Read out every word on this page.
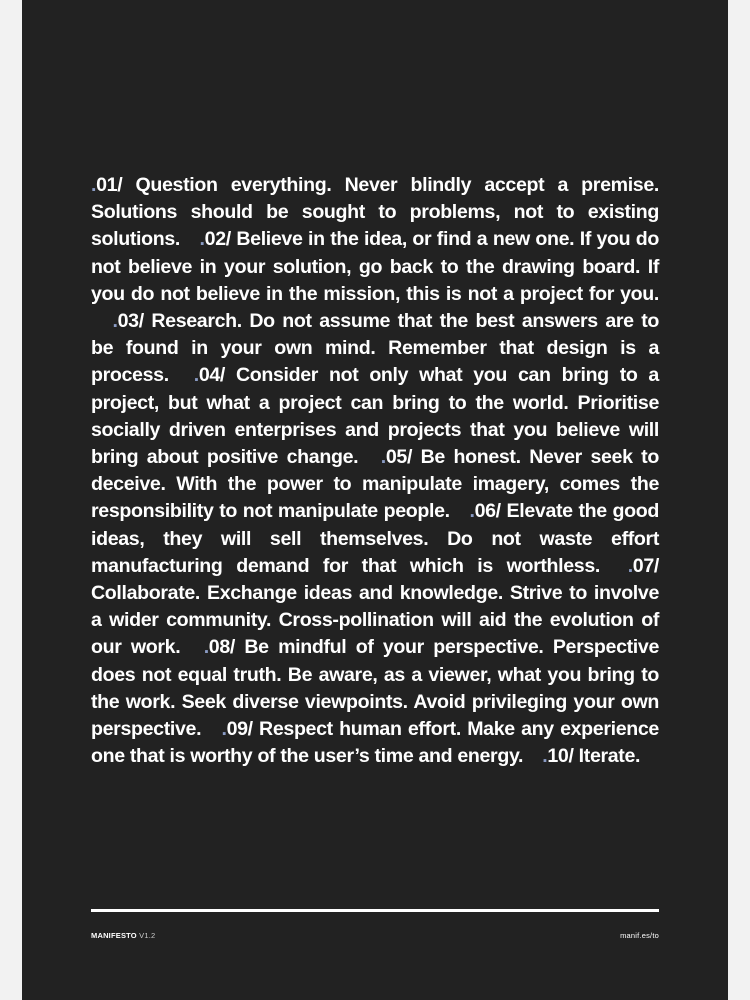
.01/ Question everything. Never blindly accept a premise. Solutions should be sought to problems, not to existing solutions. .02/ Believe in the idea, or find a new one. If you do not believe in your solution, go back to the drawing board. If you do not believe in the mission, this is not a project for you. .03/ Research. Do not assume that the best answers are to be found in your own mind. Remember that design is a process. .04/ Consider not only what you can bring to a project, but what a project can bring to the world. Prioritise socially driven enterprises and projects that you believe will bring about positive change. .05/ Be honest. Never seek to deceive. With the power to manipulate imagery, comes the responsibility to not manipulate people. .06/ Elevate the good ideas, they will sell themselves. Do not waste effort manufacturing demand for that which is worthless. .07/ Collaborate. Exchange ideas and knowledge. Strive to involve a wider community. Cross-pollination will aid the evolution of our work. .08/ Be mindful of your perspective. Perspective does not equal truth. Be aware, as a viewer, what you bring to the work. Seek diverse viewpoints. Avoid privileging your own perspective. .09/ Respect human effort. Make any experience one that is worthy of the user’s time and energy. .10/ Iterate.

MANIFESTO V1.2	manif.es/to
